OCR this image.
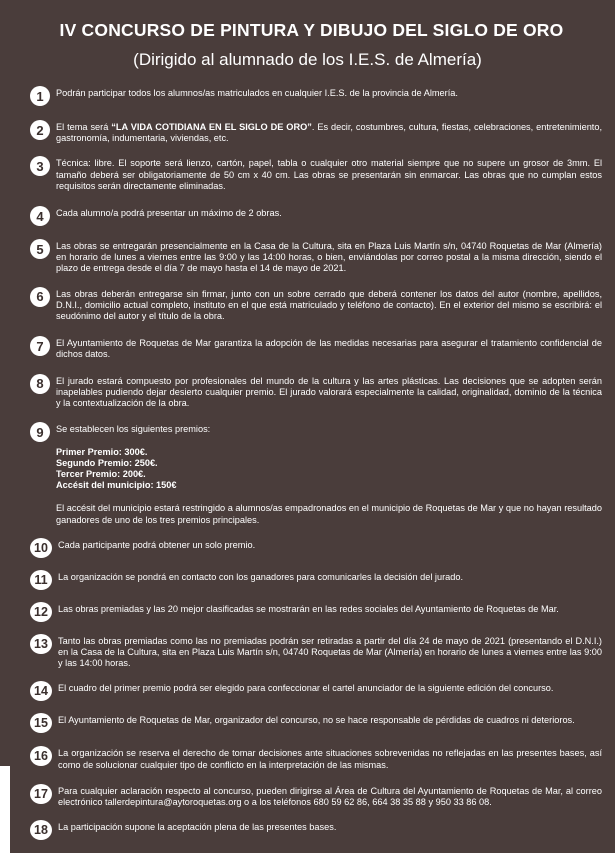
IV CONCURSO DE PINTURA Y DIBUJO DEL SIGLO DE ORO
(Dirigido al alumnado de los I.E.S. de Almería)
1	Podrán participar todos los alumnos/as matriculados en cualquier I.E.S. de la provincia de Almería.
2	El tema será “LA VIDA COTIDIANA EN EL SIGLO DE ORO”. Es decir, costumbres, cultura, fiestas, celebraciones, entretenimiento, gastronomía, indumentaria, viviendas, etc.
3	Técnica: libre. El soporte será lienzo, cartón, papel, tabla o cualquier otro material siempre que no supere un grosor de 3mm. El tamaño deberá ser obligatoriamente de 50 cm x 40 cm. Las obras se presentarán sin enmarcar. Las obras que no cumplan estos requisitos serán directamente eliminadas.
4	Cada alumno/a podrá presentar un máximo de 2 obras.
5	Las obras se entregarán presencialmente en la Casa de la Cultura, sita en Plaza Luis Martín s/n, 04740 Roquetas de Mar (Almería) en horario de lunes a viernes entre las 9:00 y las 14:00 horas, o bien, enviándolas por correo postal a la misma dirección, siendo el plazo de entrega desde el día 7 de mayo hasta el 14 de mayo de 2021.
6	Las obras deberán entregarse sin firmar, junto con un sobre cerrado que deberá contener los datos del autor (nombre, apellidos, D.N.I., domicilio actual completo, instituto en el que está matriculado y teléfono de contacto). En el exterior del mismo se escribirá: el seudónimo del autor y el título de la obra.
7	El Ayuntamiento de Roquetas de Mar garantiza la adopción de las medidas necesarias para asegurar el tratamiento confidencial de dichos datos.
8	El jurado estará compuesto por profesionales del mundo de la cultura y las artes plásticas. Las decisiones que se adopten serán inapelables pudiendo dejar desierto cualquier premio. El jurado valorará especialmente la calidad, originalidad, dominio de la técnica y la contextualización de la obra.
9	Se establecen los siguientes premios:
Primer Premio: 300€.
Segundo Premio: 250€.
Tercer Premio: 200€.
Accésit del municipio: 150€
El accésit del municipio estará restringido a alumnos/as empadronados en el municipio de Roquetas de Mar y que no hayan resultado ganadores de uno de los tres premios principales.
10	Cada participante podrá obtener un solo premio.
11	La organización se pondrá en contacto con los ganadores para comunicarles la decisión del jurado.
12	Las obras premiadas y las 20 mejor clasificadas se mostrarán en las redes sociales del Ayuntamiento de Roquetas de Mar.
13	Tanto las obras premiadas como las no premiadas podrán ser retiradas a partir del día 24 de mayo de 2021 (presentando el D.N.I.) en la Casa de la Cultura, sita en Plaza Luis Martín s/n, 04740 Roquetas de Mar (Almería) en horario de lunes a viernes entre las 9:00 y las 14:00 horas.
14	El cuadro del primer premio podrá ser elegido para confeccionar el cartel anunciador de la siguiente edición del concurso.
15	El Ayuntamiento de Roquetas de Mar, organizador del concurso, no se hace responsable de pérdidas de cuadros ni deterioros.
16	La organización se reserva el derecho de tomar decisiones ante situaciones sobrevenidas no reflejadas en las presentes bases, así como de solucionar cualquier tipo de conflicto en la interpretación de las mismas.
17	Para cualquier aclaración respecto al concurso, pueden dirigirse al Área de Cultura del Ayuntamiento de Roquetas de Mar, al correo electrónico tallerdepintura@aytoroquetas.org o a los teléfonos 680 59 62 86, 664 38 35 88 y 950 33 86 08.
18	La participación supone la aceptación plena de las presentes bases.
